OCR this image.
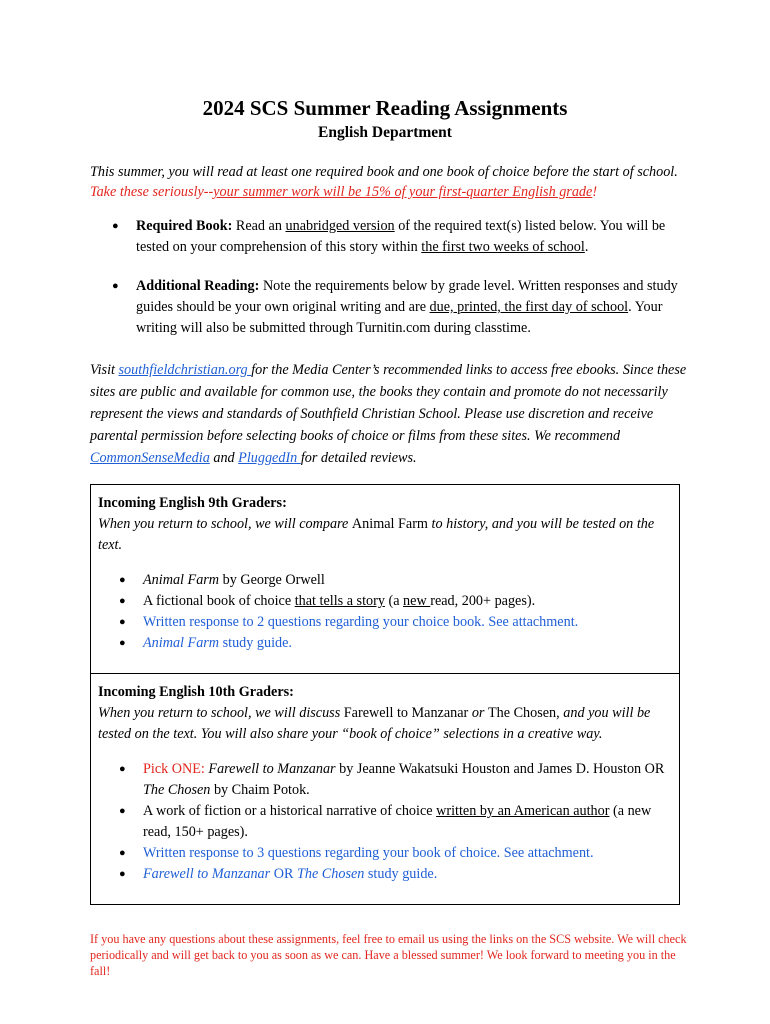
2024 SCS Summer Reading Assignments
English Department

This summer, you will read at least one required book and one book of choice before the start of school. Take these seriously--your summer work will be 15% of your first-quarter English grade!

● Required Book: Read an unabridged version of the required text(s) listed below. You will be tested on your comprehension of this story within the first two weeks of school.
● Additional Reading: Note the requirements below by grade level. Written responses and study guides should be your own original writing and are due, printed, the first day of school. Your writing will also be submitted through Turnitin.com during classtime.

Visit southfieldchristian.org for the Media Center’s recommended links to access free ebooks. Since these sites are public and available for common use, the books they contain and promote do not necessarily represent the views and standards of Southfield Christian School. Please use discretion and receive parental permission before selecting books of choice or films from these sites. We recommend CommonSenseMedia and PluggedIn for detailed reviews.

Incoming English 9th Graders:
When you return to school, we will compare Animal Farm to history, and you will be tested on the text.
● Animal Farm by George Orwell
● A fictional book of choice that tells a story (a new read, 200+ pages).
● Written response to 2 questions regarding your choice book. See attachment.
● Animal Farm study guide.
Incoming English 10th Graders:
When you return to school, we will discuss Farewell to Manzanar or The Chosen, and you will be tested on the text. You will also share your “book of choice” selections in a creative way.
● Pick ONE: Farewell to Manzanar by Jeanne Wakatsuki Houston and James D. Houston OR The Chosen by Chaim Potok.
● A work of fiction or a historical narrative of choice written by an American author (a new read, 150+ pages).
● Written response to 3 questions regarding your book of choice. See attachment.
● Farewell to Manzanar OR The Chosen study guide.

If you have any questions about these assignments, feel free to email us using the links on the SCS website. We will check periodically and will get back to you as soon as we can. Have a blessed summer! We look forward to meeting you in the fall!
